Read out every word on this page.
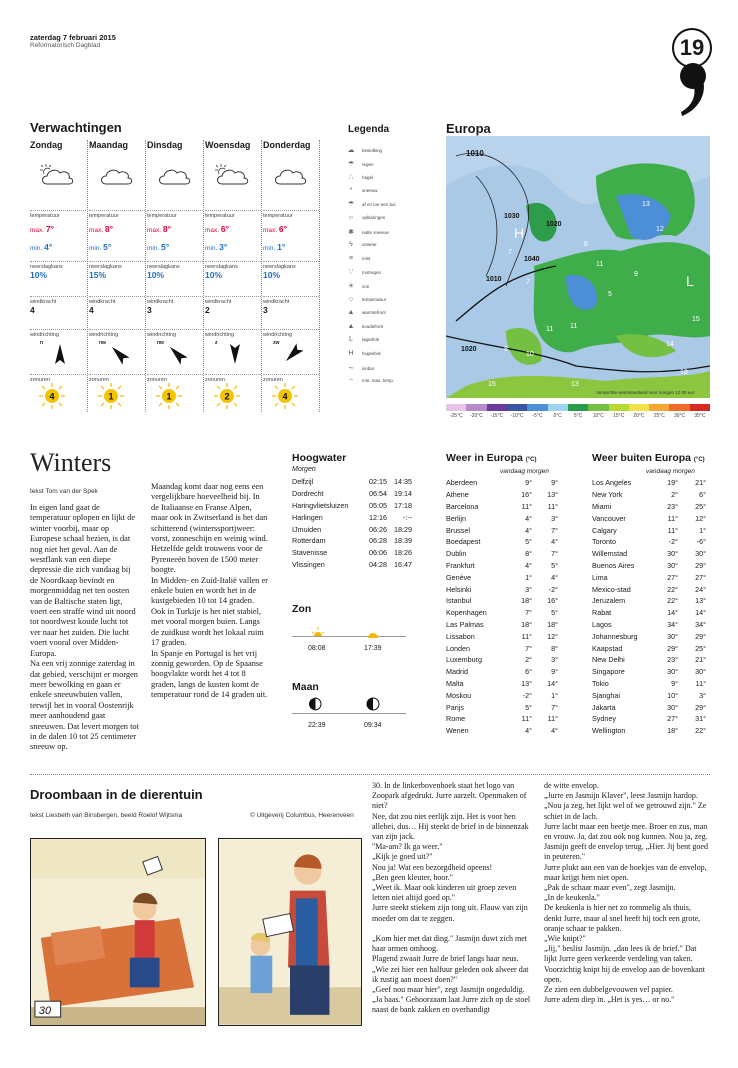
zaterdag 7 februari 2015
Reformatorisch Dagblad	19
Verwachtingen
Zondag
temperatuur
max. 7°
min. 4°
neerslagkans
10%
windkracht
4
windrichting
n
zonuren
4
Maandag
temperatuur
max. 8°
min. 5°
neerslagkans
15%
windkracht
4
windrichting
nw
zonuren
1
Dinsdag
temperatuur
max. 8°
min. 5°
neerslagkans
10%
windkracht
3
windrichting
nw
zonuren
1
Woensdag
temperatuur
max. 6°
min. 3°
neerslagkans
10%
windkracht
2
windrichting
z
zonuren
2
Donderdag
temperatuur
max. 6°
min. 1°
neerslagkans
10%
windkracht
3
windrichting
zw
zonuren
4
Legenda
☁ bewolking
☂ regen
∴ hagel
* sneeuw
☂ af en toe een bui
☼ opklaringen
✱ natte sneeuw
ϟ onweer
≡ mist
∵ motregen
☀ zon
○ temperatuur
▲ warmtefront
▲ koudefront
L lagedruk
H hogedruk
∼ isobar
− min. max. temp.
Europa
1010
1030
1040
1020
1020
1010
H
L
7
6
9
11 11
7
5
14
10
15	13
18
15
13
11
8
12
Verwachte weerstoestand voor morgen 12.00 uur
-25°C	-20°C	-15°C	-10°C	-5°C	0°C	5°C	10°C	15°C	20°C	25°C	30°C	35°C
Winters
tekst Tom van der Spek
In eigen land gaat de temperatuur oplopen en lijkt de winter voorbij, maar op Europese schaal bezien, is dat nog niet het geval. Aan de westflank van een diepe depressie die zich vandaag bij de Noordkaap bevindt en morgenmiddag net ten oosten van de Baltische staten ligt, voert een straffe wind uit noord tot noordwest koude lucht tot ver naar het zuiden. Die lucht voert vooral over Midden-Europa.
Na een vrij zonnige zaterdag in dat gebied, verschijnt er morgen meer bewolking en gaan er enkele sneeuwbuien vallen, terwijl het in vooral Oostenrijk meer aanhoudend gaat sneeuwen. Dat levert morgen tot in de dalen 10 tot 25 centimeter sneeuw op.
Maandag komt daar nog eens een vergelijkbare hoeveelheid bij. In de Italiaanse en Franse Alpen, maar ook in Zwitserland is het dan schitterend (winterssportjweer: vorst, zonneschijn en weinig wind. Hetzelfde geldt trouwens voor de Pyreneeën boven de 1500 meter hoogte.
In Midden- en Zuid-Italië vallen er enkele buien en wordt het in de kustgebieden 10 tot 14 graden. Ook in Turkije is het niet stabiel, met vooral morgen buien. Langs de zuidkust wordt het lokaal ruim 17 graden.
In Spanje en Portugal is het vrij zonnig geworden. Op de Spaanse hoogvlakte wordt het 4 tot 8 graden, langs de kusten komt de temperatuur rond de 14 graden uit.
Hoogwater
Morgen
Delfzijl	02:15	14:35
Dordrecht	06:54	19:14
Haringvlietsluizen	05:05	17:18
Harlingen	12:16	-:--
IJmuiden	06:26	18:29
Rotterdam	06:28	18:39
Stavenisse	06:06	18:26
Vlissingen	04:28	16:47
Zon
08:08	17:39
Maan
22:39	09:34
Weer in Europa (°C)
vandaag morgen
Aberdeen	9°	9°
Athene	16°	13°
Barcelona	11°	11°
Berlijn	4°	3°
Brussel	4°	7°
Boedapest	5°	4°
Dublin	8°	7°
Frankfurt	4°	5°
Genève	1°	4°
Helsinki	3°	-2°
Istanbul	18°	16°
Kopenhagen	7°	5°
Las Palmas	18°	18°
Lissabon	11°	12°
Londen	7°	8°
Luxemburg	2°	3°
Madrid	6°	9°
Malta	13°	14°
Moskou	-2°	1°
Parijs	5°	7°
Rome	11°	11°
Wenen	4°	4°
Weer buiten Europa (°C)
vandaag morgen
Los Angeles	19°	21°
New York	2°	6°
Miami	23°	25°
Vancouver	11°	12°
Calgary	11°	1°
Toronto	-2°	-6°
Willemstad	30°	30°
Buenos Aires	30°	29°
Lima	27°	27°
Mexico-stad	22°	24°
Jeruzalem	22°	13°
Rabat	14°	14°
Lagos	34°	34°
Johannesburg	30°	29°
Kaapstad	29°	25°
New Delhi	23°	21°
Singapore	30°	30°
Tokio	9°	11°
Sjanghai	10°	3°
Jakarta	30°	29°
Sydney	27°	31°
Wellington	18°	22°
Droombaan in de dierentuin
tekst Liesbeth van Binsbergen, beeld Roelof Wijtsma	© Uitgeverij Columbus, Heerenveen
30
30. In de linkerbovenhoek staat het logo van Zoopark afgedrukt. Jurre aarzelt. Openmaken of niet?
Nee, dat zou niet eerlijk zijn. Het is voor hen allebei, dus… Hij steekt de brief in de binnenzak van zijn jack.
"Ma-am? Ik ga weer."
„Kijk je goed uit?"
Nou ja! Wat een bezorgdheid opeens!
„Ben geen kleuter, hoor."
„Weet ik. Maar ook kinderen uit groep zeven letten niet altijd goed op."
Jurre steekt stiekem zijn tong uit. Flauw van zijn moeder om dat te zeggen.

„Kom hier met dat ding." Jasmijn duwt zich met haar armen omhoog.
Plagend zwaait Jurre de brief langs haar neus. „Wie zei hier een halfuur geleden ook alweer dat ik rustig aan moest doen?"
„Geef nou maar hier", zegt Jasmijn ongeduldig.
„Ja baas." Gehoorzaam laat Jurre zich op de stoel naast de bank zakken en overhandigt
de witte envelop.
„Jurre en Jasmijn Klaver", leest Jasmijn hardop. „Nou ja zeg, het lijkt wel of we getrouwd zijn." Ze schiet in de lach.
Jurre lacht maar een beetje mee. Broer en zus, man en vrouw. Ja, dat zou ook nog kunnen. Nou ja, zeg.
Jasmijn geeft de envelop terug. „Hier. Jij bent goed in peuteren."
Jurre plukt aan een van de hoekjes van de envelop, maar krijgt hem niet open.
„Pak de schaar maar even", zegt Jasmijn.
„In de keukenla."
De keukenla is hier net zo rommelig als thuis, denkt Jurre, maar al snel heeft hij toch een grote, oranje schaar te pakken.
„Wie knipt?"
„Jij," beslist Jasmijn. „dan lees ik de brief." Dat lijkt Jurre geen verkeerde verdeling van taken.
Voorzichtig knipt hij de envelop aan de bovenkant open.
Ze zien een dubbelgevouwen vel papier.
Jurre adem diep in. „Het is yes… or no."
